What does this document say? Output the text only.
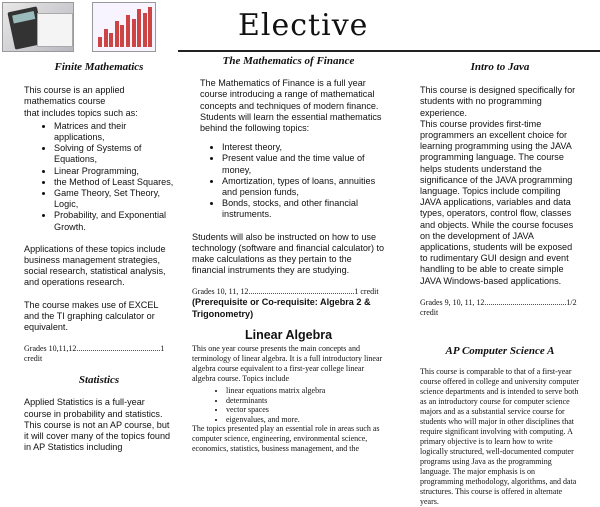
Elective
Finite Mathematics

This course is an applied mathematics course

that includes topics such as:

• Matrices and their applications,
• Solving of Systems of Equations,
• Linear Programming,
• the Method of Least Squares,
• Game Theory, Set Theory, Logic,
• Probability, and Exponential Growth.

Applications of these topics include business management strategies, social research, statistical analysis, and operations research.

The course makes use of EXCEL and the TI graphing calculator or equivalent.

Grades 10,11,12..........................................1 credit

Statistics

Applied Statistics is a full-year course in probability and statistics. This course is not an AP course, but it will cover many of the topics found in AP Statistics including

The Mathematics of Finance

The Mathematics of Finance is a full year course introducing a range of mathematical concepts and techniques of modern finance. Students will learn the essential mathematics behind the following topics:

• Interest theory,
• Present value and the time value of money,
• Amortization, types of loans, annuities and pension funds,
• Bonds, stocks, and other financial instruments.

Students will also be instructed on how to use technology (software and financial calculator) to make calculations as they pertain to the financial instruments they are studying.

Grades 10, 11, 12.....................................................1 credit

(Prerequisite or Co-requisite: Algebra 2 & Trigonometry)

Linear Algebra

This one year course presents the main concepts and terminology of linear algebra. It is a full introductory linear algebra course equivalent to a first-year college linear algebra course. Topics include

• linear equations matrix algebra
• determinants
• vector spaces
• eigenvalues, and more.

The topics presented play an essential role in areas such as computer science, engineering, environmental science, economics, statistics, business management, and the

Intro to Java

This course is designed specifically for students with no programming experience.

This course provides first-time programmers an excellent choice for learning programming using the JAVA programming language. The course helps students understand the significance of the JAVA programming language. Topics include compiling JAVA applications, variables and data types, operators, control flow, classes and objects. While the course focuses on the development of JAVA applications, students will be exposed to rudimentary GUI design and event handling to be able to create simple JAVA Windows-based applications.

Grades 9, 10, 11, 12.........................................1/2 credit

AP Computer Science A

This course is comparable to that of a first-year course offered in college and university computer science departments and is intended to serve both as an introductory course for computer science majors and as a substantial service course for students who will major in other disciplines that require significant involving with computing. A primary objective is to learn how to write logically structured, well-documented computer programs using Java as the programming language. The major emphasis is on programming methodology, algorithms, and data structures. This course is offered in alternate years.
